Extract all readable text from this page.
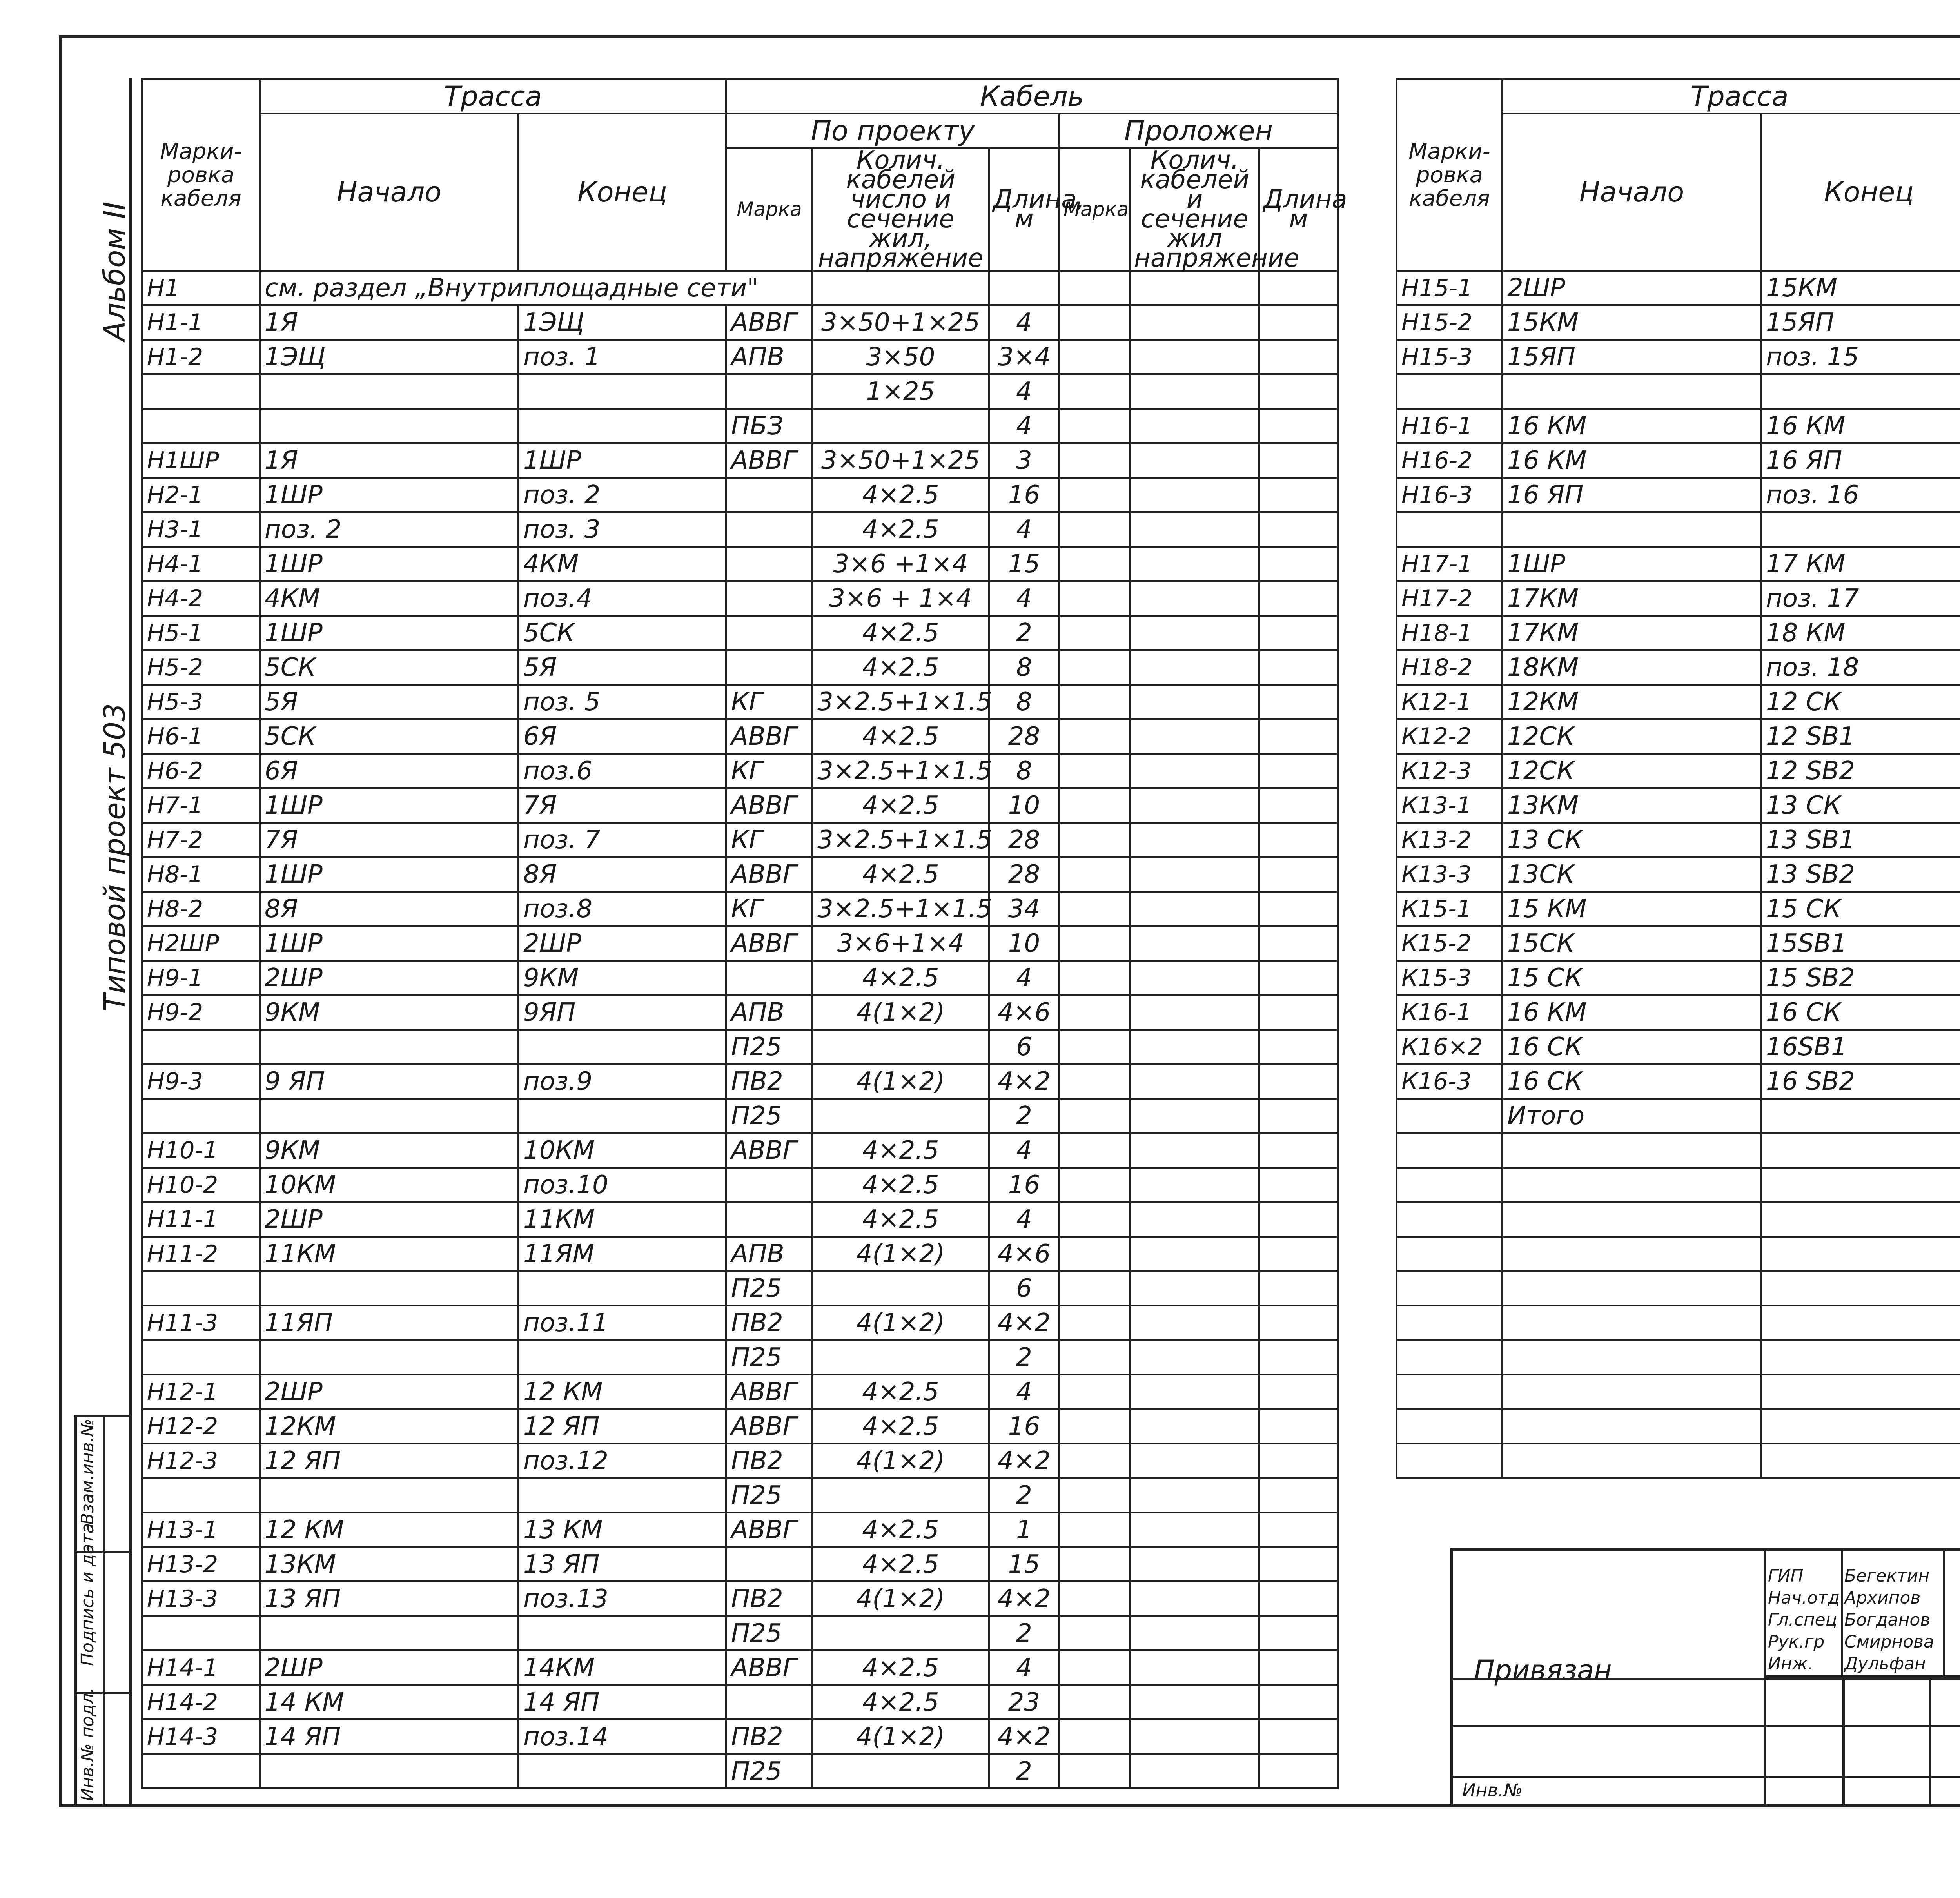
Альбом II
Типовой проект 503
Инв.№ подл.
Подпись и дата
Взам.инв.№
Марки-ровка кабеля	Трасса		Кабель					
	Начало	Конец	По проекту			Проложен		
			Марка	Колич. кабелей число и сечение жил, напряжение	Длина, м	Марка	Колич. кабелей и сечение жил напряжение	Длина м
Н1	см. раздел „Внутриплощадные сети"							
Н1-1	1Я	1ЭЩ	АВВГ	3×50+1×25	4			
Н1-2	1ЭЩ	поз. 1	АПВ	3×50	3×4			
				1×25	4			
			ПБЗ		4			
Н1ШР	1Я	1ШР	АВВГ	3×50+1×25	3			
Н2-1	1ШР	поз. 2		4×2.5	16			
Н3-1	поз. 2	поз. 3		4×2.5	4			
Н4-1	1ШР	4КМ		3×6 +1×4	15			
Н4-2	4КМ	поз.4		3×6 + 1×4	4			
Н5-1	1ШР	5СК		4×2.5	2			
Н5-2	5СК	5Я		4×2.5	8			
Н5-3	5Я	поз. 5	КГ	3×2.5+1×1.5	8			
Н6-1	5СК	6Я	АВВГ	4×2.5	28			
Н6-2	6Я	поз.6	КГ	3×2.5+1×1.5	8			
Н7-1	1ШР	7Я	АВВГ	4×2.5	10			
Н7-2	7Я	поз. 7	КГ	3×2.5+1×1.5	28			
Н8-1	1ШР	8Я	АВВГ	4×2.5	28			
Н8-2	8Я	поз.8	КГ	3×2.5+1×1.5	34			
Н2ШР	1ШР	2ШР	АВВГ	3×6+1×4	10			
Н9-1	2ШР	9КМ		4×2.5	4			
Н9-2	9КМ	9ЯП	АПВ	4(1×2)	4×6			
			П25		6			
Н9-3	9 ЯП	поз.9	ПВ2	4(1×2)	4×2			
			П25		2			
Н10-1	9КМ	10КМ	АВВГ	4×2.5	4			
Н10-2	10КМ	поз.10		4×2.5	16			
Н11-1	2ШР	11КМ		4×2.5	4			
Н11-2	11КМ	11ЯМ	АПВ	4(1×2)	4×6			
			П25		6			
Н11-3	11ЯП	поз.11	ПВ2	4(1×2)	4×2			
			П25		2			
Н12-1	2ШР	12 КМ	АВВГ	4×2.5	4			
Н12-2	12КМ	12 ЯП	АВВГ	4×2.5	16			
Н12-3	12 ЯП	поз.12	ПВ2	4(1×2)	4×2			
			П25		2			
Н13-1	12 КМ	13 КМ	АВВГ	4×2.5	1			
Н13-2	13КМ	13 ЯП		4×2.5	15			
Н13-3	13 ЯП	поз.13	ПВ2	4(1×2)	4×2			
			П25		2			
Н14-1	2ШР	14КМ	АВВГ	4×2.5	4			
Н14-2	14 КМ	14 ЯП		4×2.5	23			
Н14-3	14 ЯП	поз.14	ПВ2	4(1×2)	4×2			
			П25		2			
Марки-ровка кабеля	Трасса	
	Начало	Конец		

Н15-1	2ШР	15КМ						
Н15-2	15КМ	15ЯП						
Н15-3	15ЯП	поз. 15						

Н16-1	16 КМ	16 КМ						
Н16-2	16 КМ	16 ЯП						
Н16-3	16 ЯП	поз. 16						

Н17-1	1ШР	17 КМ						
Н17-2	17КМ	поз. 17						
Н18-1	17КМ	18 КМ						
Н18-2	18КМ	поз. 18						
К12-1	12КМ	12 СК						
К12-2	12СК	12 SB1						
К12-3	12СК	12 SB2						
К13-1	13КМ	13 СК						
К13-2	13 СК	13 SB1						
К13-3	13СК	13 SB2						
К15-1	15 КМ	15 СК						
К15-2	15СК	15SB1						
К15-3	15 СК	15 SB2						
К16-1	16 КМ	16 СК						
К16×2	16 СК	16SB1						
К16-3	16 СК	16 SB2						
	Итого							

ГИП Бегектин
Нач.отд Архипов
Гл.спец Богданов
Рук.гр Смирнова
Инж. Дульфан
Привязан
Инв.№
